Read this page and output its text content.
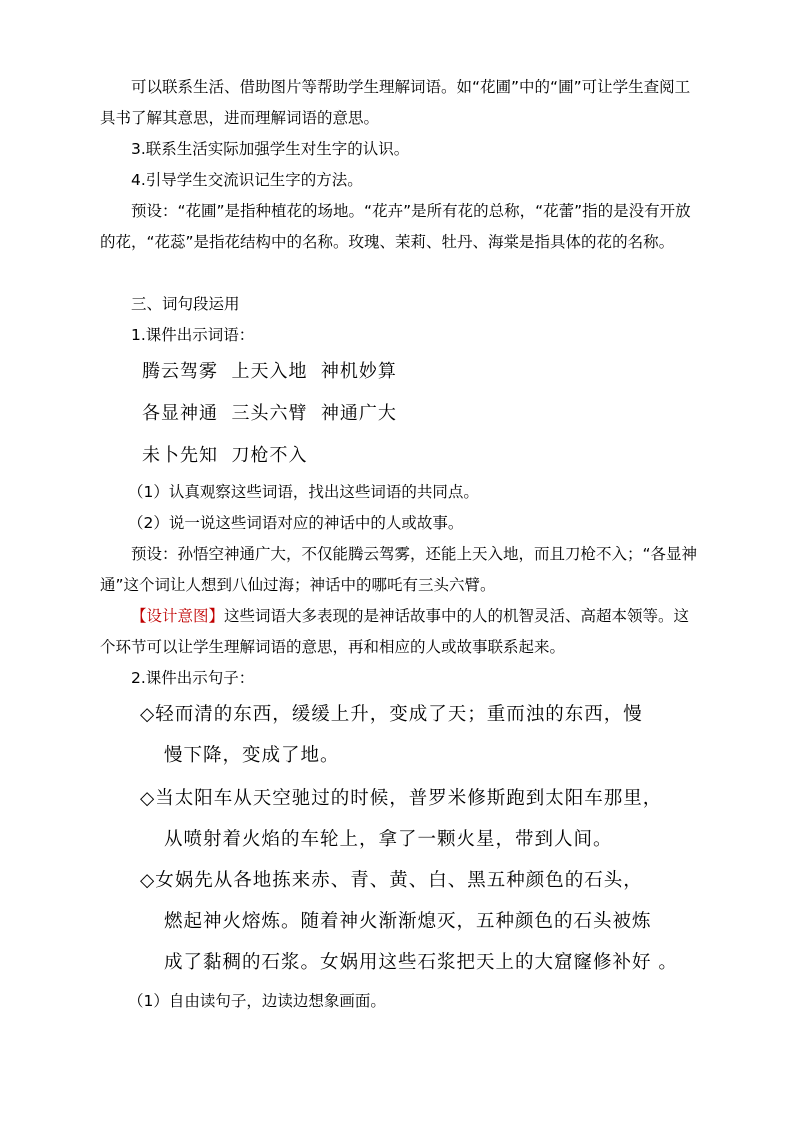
可以联系生活、借助图片等帮助学生理解词语。如“花圃”中的“圃”可让学生查阅工具书了解其意思，进而理解词语的意思。

3.联系生活实际加强学生对生字的认识。

4.引导学生交流识记生字的方法。

预设：“花圃”是指种植花的场地。“花卉”是所有花的总称，“花蕾”指的是没有开放的花，“花蕊”是指花结构中的名称。玫瑰、茉莉、牡丹、海棠是指具体的花的名称。

三、词句段运用

1.课件出示词语：

腾云驾雾  上天入地  神机妙算

各显神通  三头六臂  神通广大

未卜先知  刀枪不入

（1）认真观察这些词语，找出这些词语的共同点。

（2）说一说这些词语对应的神话中的人或故事。

预设：孙悟空神通广大，不仅能腾云驾雾，还能上天入地，而且刀枪不入；“各显神通”这个词让人想到八仙过海；神话中的哪吒有三头六臂。

【设计意图】这些词语大多表现的是神话故事中的人的机智灵活、高超本领等。这个环节可以让学生理解词语的意思，再和相应的人或故事联系起来。

2.课件出示句子：

◇轻而清的东西，缓缓上升，变成了天；重而浊的东西，慢
慢下降，变成了地。
◇当太阳车从天空驰过的时候，普罗米修斯跑到太阳车那里，
从喷射着火焰的车轮上，拿了一颗火星，带到人间。
◇女娲先从各地拣来赤、青、黄、白、黑五种颜色的石头，
燃起神火熔炼。随着神火渐渐熄灭，五种颜色的石头被炼
成了黏稠的石浆。女娲用这些石浆把天上的大窟窿修补好 。

（1）自由读句子，边读边想象画面。
